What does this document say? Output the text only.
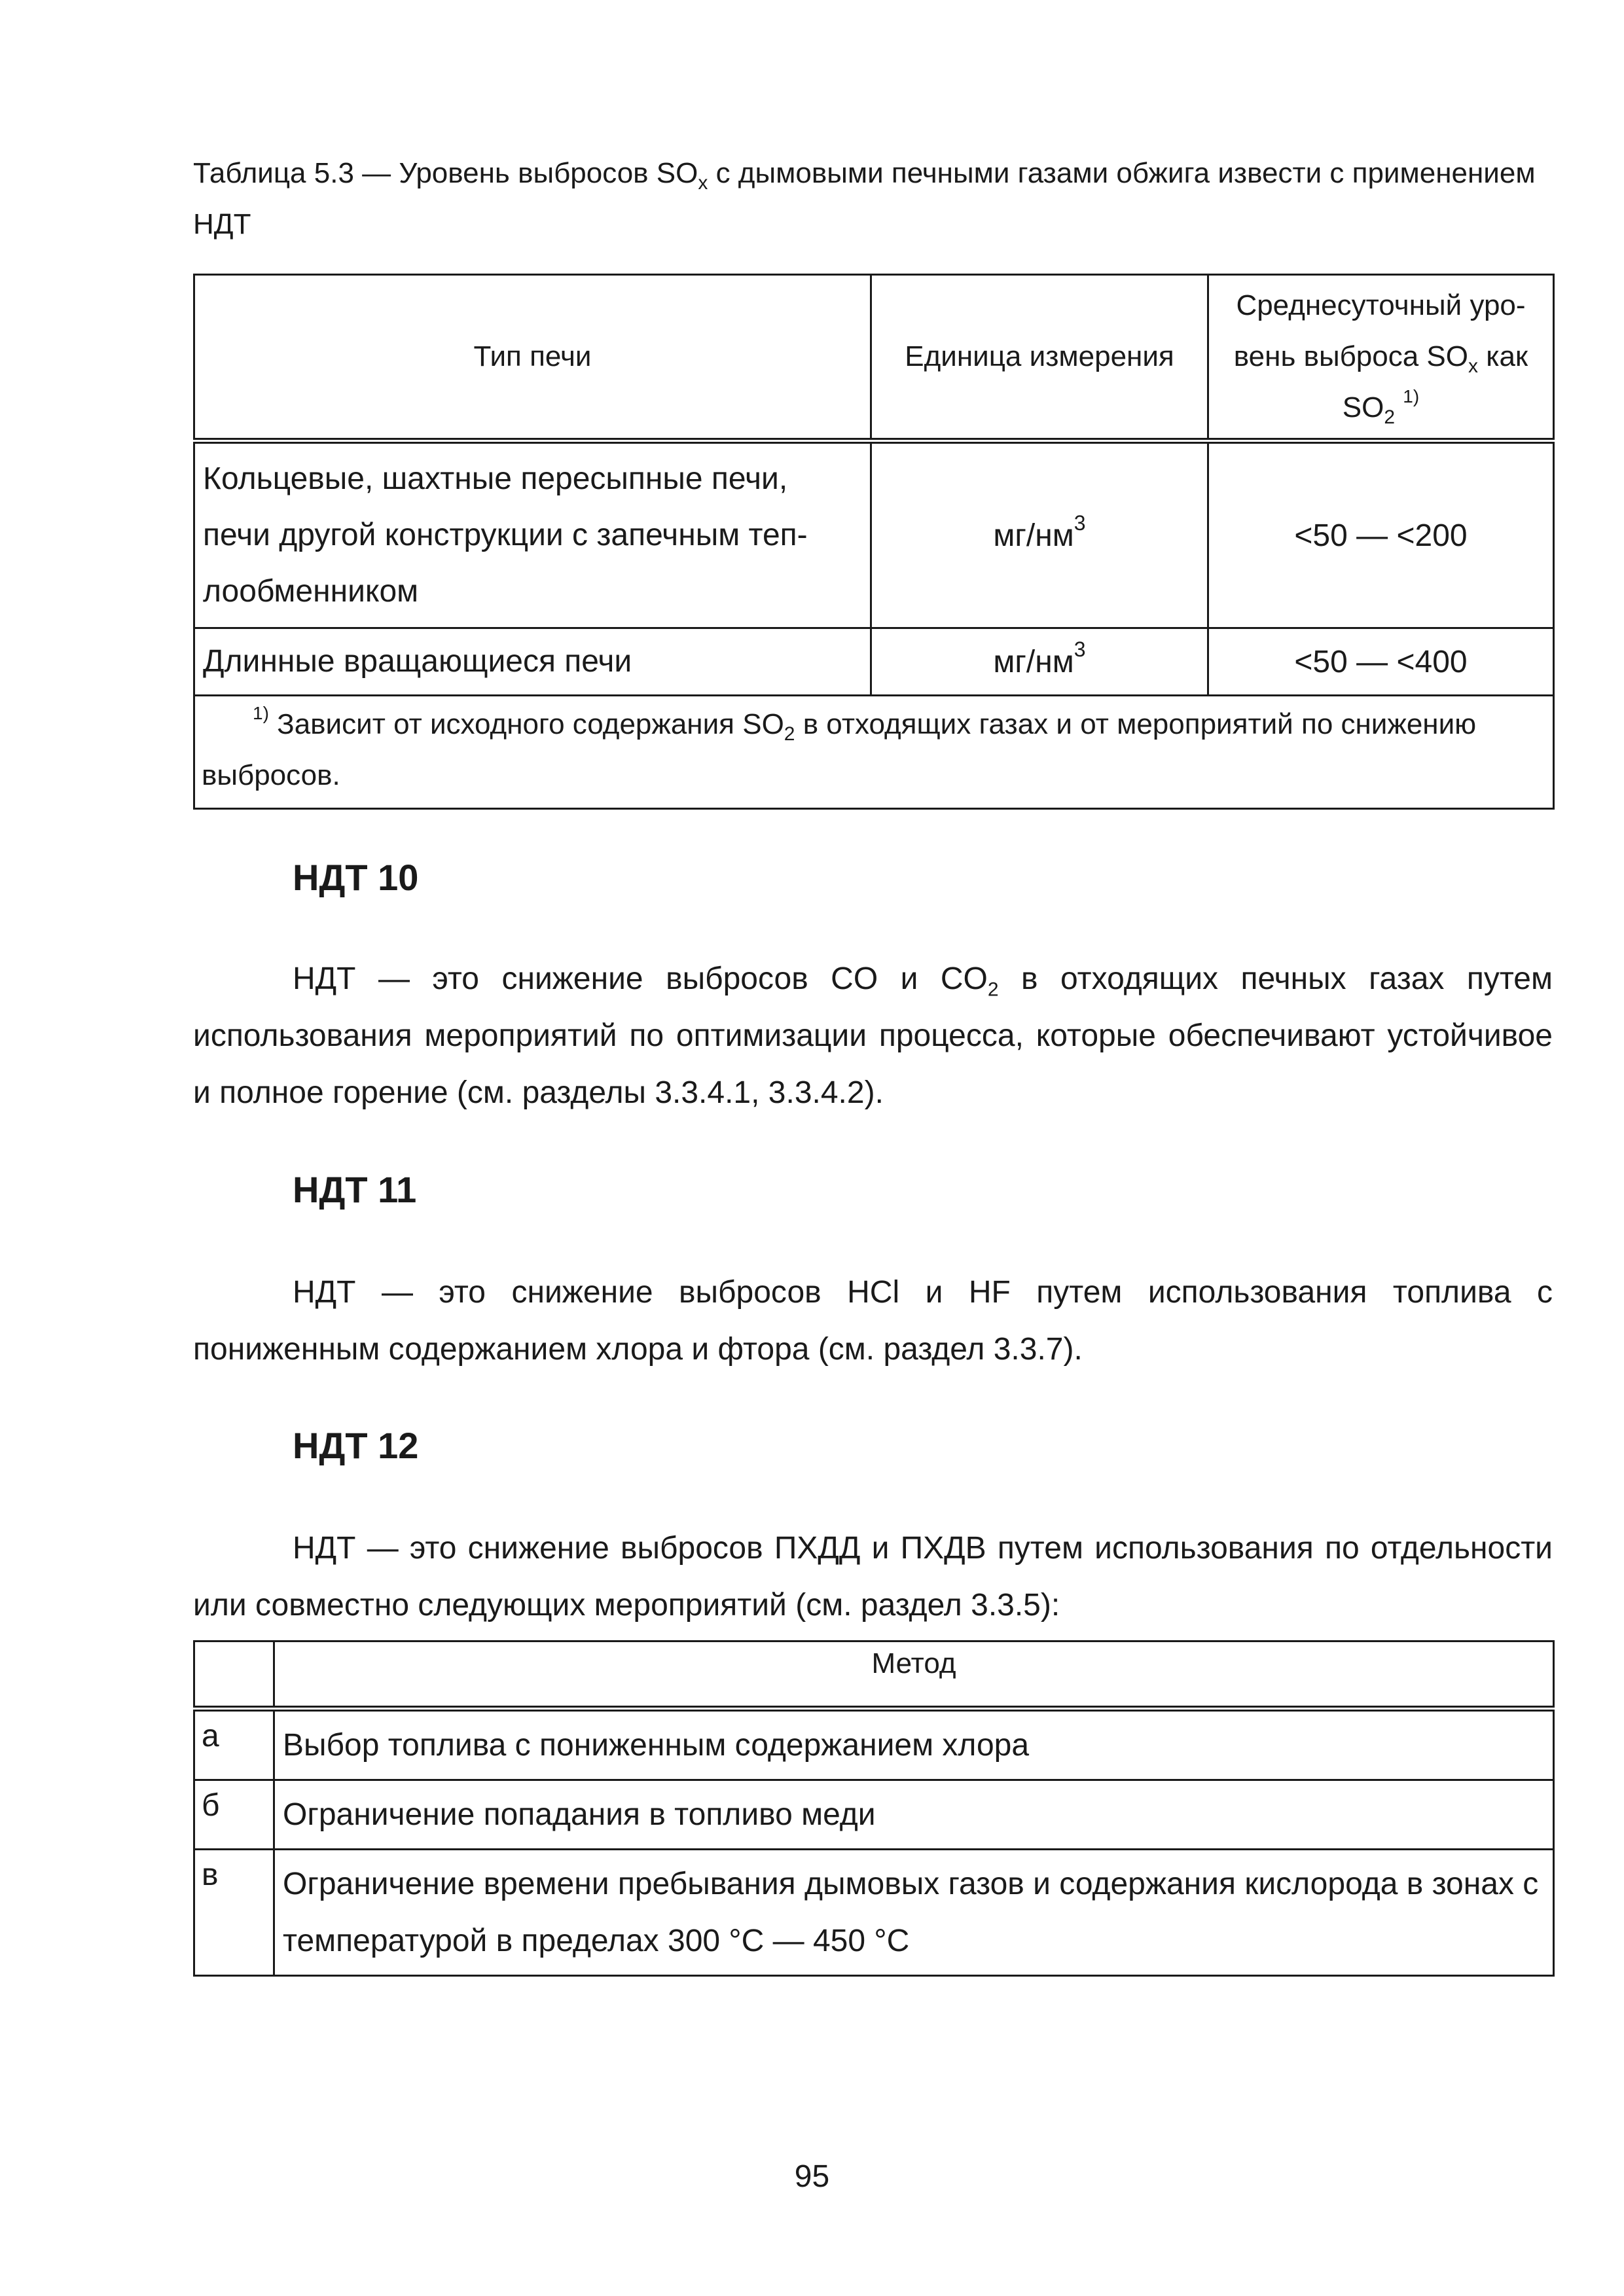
Таблица 5.3 — Уровень выбросов $SO_x$ с дымовыми печными газами обжига извести с применением НДТ
Тип печи	Единица измерения	Среднесуточный уро-
вень выброса $SO_x$ как
$SO_2$ $^{1)}$
Кольцевые, шахтные пересыпные печи, печи другой конструкции с запечным теп-лообменником	$мг/нм^3$	<50 — <200
Длинные вращающиеся печи	$мг/нм^3$	<50 — <400
$^{1)}$ Зависит от исходного содержания $SO_2$ в отходящих газах и от мероприятий по снижению выбросов.		
НДТ 10
НДТ — это снижение выбросов CO и $CO_2$ в отходящих печных газах путем использования мероприятий по оптимизации процесса, которые обеспечивают устойчивое и полное горение (см. разделы 3.3.4.1, 3.3.4.2).
НДТ 11
НДТ — это снижение выбросов HCl и HF путем использования топлива с пониженным содержанием хлора и фтора (см. раздел 3.3.7).
НДТ 12
НДТ — это снижение выбросов ПХДД и ПХДВ путем использования по отдельности или совместно следующих мероприятий (см. раздел 3.3.5):
	Метод
а	Выбор топлива с пониженным содержанием хлора
б	Ограничение попадания в топливо меди
в	Ограничение времени пребывания дымовых газов и содержания кислорода в зонах с температурой в пределах 300 °C — 450 °C
95
